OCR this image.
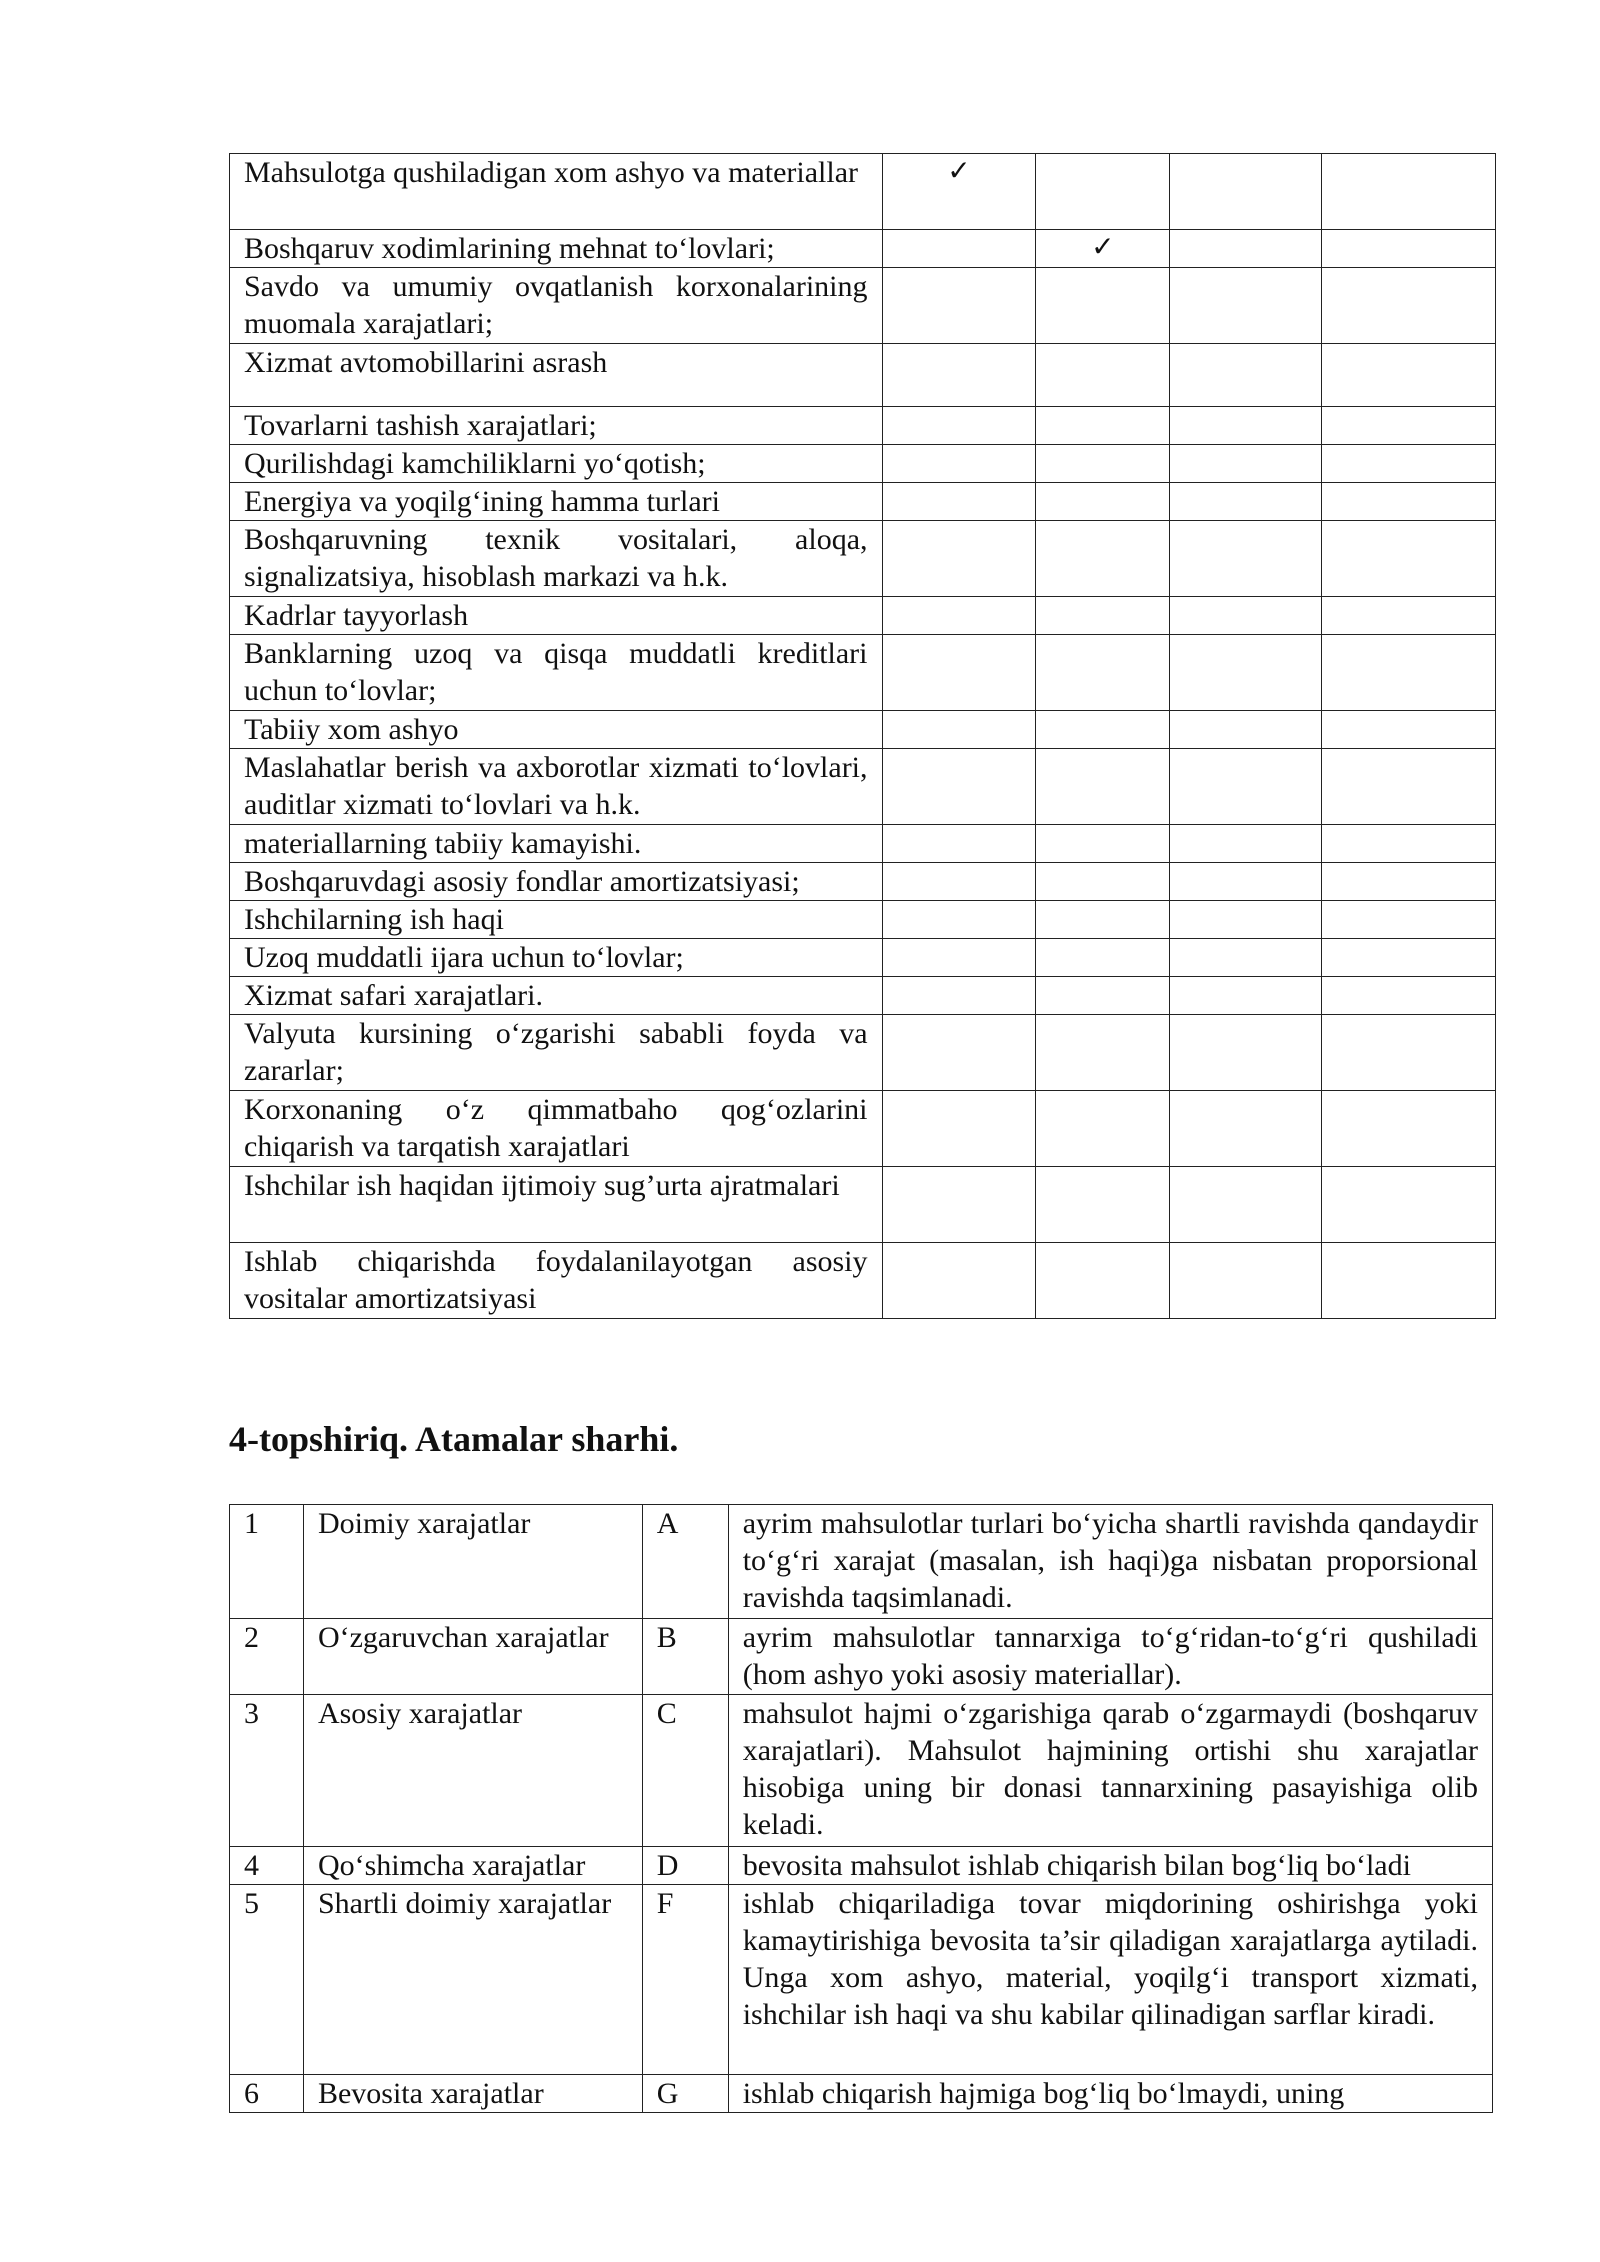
Mahsulotga qushiladigan xom ashyo va materiallar	✓			
Boshqaruv xodimlarining mehnat to‘lovlari;		✓		
Savdo va umumiy ovqatlanish korxonalarining muomala xarajatlari;				
Xizmat avtomobillarini asrash				
Tovarlarni tashish xarajatlari;				
Qurilishdagi kamchiliklarni yo‘qotish;				
Energiya va yoqilg‘ining hamma turlari				
Boshqaruvning texnik vositalari, aloqa, signalizatsiya, hisoblash markazi va h.k.				
Kadrlar tayyorlash				
Banklarning uzoq va qisqa muddatli kreditlari uchun to‘lovlar;				
Tabiiy xom ashyo				
Maslahatlar berish va axborotlar xizmati to‘lovlari, auditlar xizmati to‘lovlari va h.k.				
materiallarning tabiiy kamayishi.				
Boshqaruvdagi asosiy fondlar amortizatsiyasi;				
Ishchilarning ish haqi				
Uzoq muddatli ijara uchun to‘lovlar;				
Xizmat safari xarajatlari.				
Valyuta kursining o‘zgarishi sababli foyda va zararlar;				
Korxonaning o‘z qimmatbaho qog‘ozlarini chiqarish va tarqatish xarajatlari				
Ishchilar ish haqidan ijtimoiy sug’urta ajratmalari				
Ishlab chiqarishda foydalanilayotgan asosiy vositalar amortizatsiyasi				
4-topshiriq. Atamalar sharhi.
1	Doimiy xarajatlar	A	ayrim mahsulotlar turlari bo‘yicha shartli ravishda qandaydir to‘g‘ri xarajat (masalan, ish haqi)ga nisbatan proporsional ravishda taqsimlanadi.
2	O‘zgaruvchan xarajatlar	B	ayrim mahsulotlar tannarxiga to‘g‘ridan-to‘g‘ri qushiladi (hom ashyo yoki asosiy materiallar).
3	Asosiy xarajatlar	C	mahsulot hajmi o‘zgarishiga qarab o‘zgarmaydi (boshqaruv xarajatlari). Mahsulot hajmining ortishi shu xarajatlar hisobiga uning bir donasi tannarxining pasayishiga olib keladi.
4	Qo‘shimcha xarajatlar	D	bevosita mahsulot ishlab chiqarish bilan bog‘liq bo‘ladi
5	Shartli doimiy xarajatlar	F	ishlab chiqariladiga tovar miqdorining oshirishga yoki kamaytirishiga bevosita ta’sir qiladigan xarajatlarga aytiladi. Unga xom ashyo, material, yoqilg‘i transport xizmati, ishchilar ish haqi va shu kabilar qilinadigan sarflar kiradi.
6	Bevosita xarajatlar	G	ishlab chiqarish hajmiga bog‘liq bo‘lmaydi, uning
